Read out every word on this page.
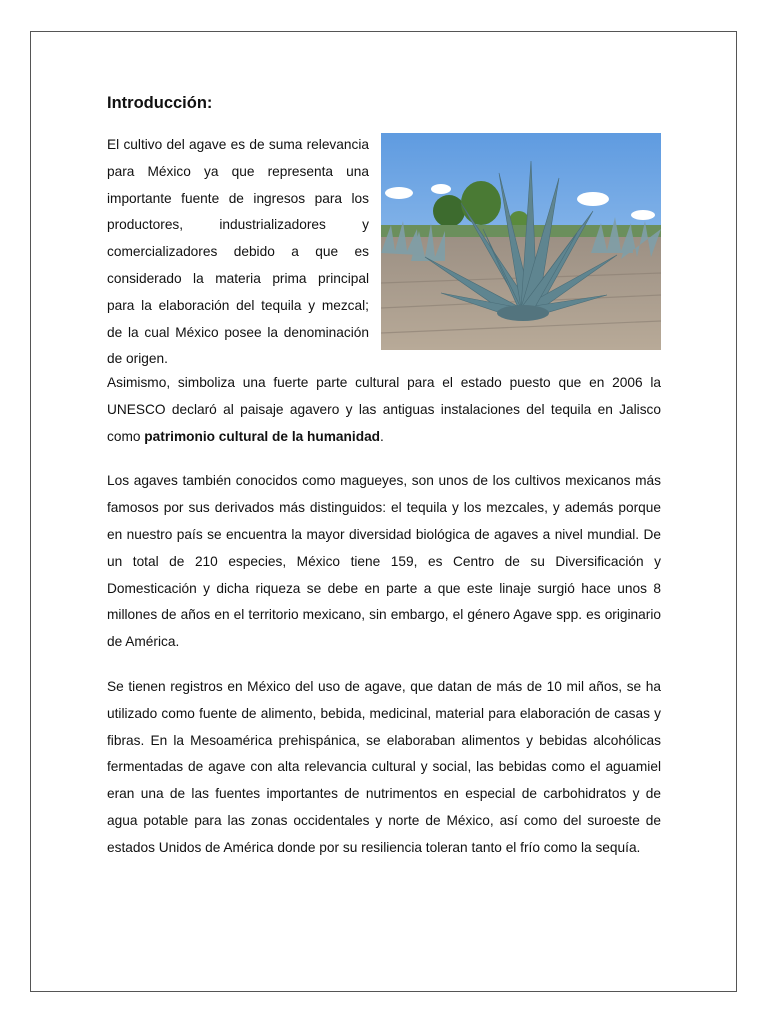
Introducción:

El cultivo del agave es de suma relevancia para México ya que representa una importante fuente de ingresos para los productores, industrializadores y comercializadores debido a que es considerado la materia prima principal para la elaboración del tequila y mezcal; de la cual México posee la denominación de origen.

Asimismo, simboliza una fuerte parte cultural para el estado puesto que en 2006 la UNESCO declaró al paisaje agavero y las antiguas instalaciones del tequila en Jalisco como patrimonio cultural de la humanidad.

Los agaves también conocidos como magueyes, son unos de los cultivos mexicanos más famosos por sus derivados más distinguidos: el tequila y los mezcales, y además porque en nuestro país se encuentra la mayor diversidad biológica de agaves a nivel mundial. De un total de 210 especies, México tiene 159, es Centro de su Diversificación y Domesticación y dicha riqueza se debe en parte a que este linaje surgió hace unos 8 millones de años en el territorio mexicano, sin embargo, el género Agave spp. es originario de América.

Se tienen registros en México del uso de agave, que datan de más de 10 mil años, se ha utilizado como fuente de alimento, bebida, medicinal, material para elaboración de casas y fibras. En la Mesoamérica prehispánica, se elaboraban alimentos y bebidas alcohólicas fermentadas de agave con alta relevancia cultural y social, las bebidas como el aguamiel eran una de las fuentes importantes de nutrimentos en especial de carbohidratos y de agua potable para las zonas occidentales y norte de México, así como del suroeste de estados Unidos de América donde por su resiliencia toleran tanto el frío como la sequía.
